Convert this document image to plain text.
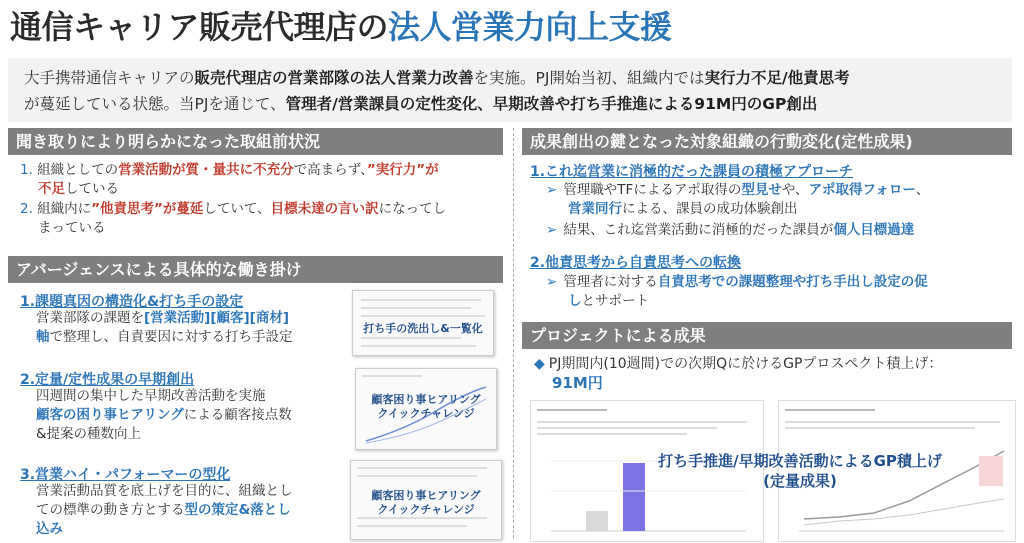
通信キャリア販売代理店の法人営業力向上支援
大手携帯通信キャリアの販売代理店の営業部隊の法人営業力改善を実施。PJ開始当初、組織内では実行力不足/他責思考
が蔓延している状態。当PJを通じて、管理者/営業課員の定性変化、早期改善や打ち手推進による91M円のGP創出
聞き取りにより明らかになった取組前状況
アバージェンスによる具体的な働き掛け
成果創出の鍵となった対象組織の行動変化(定性成果)
プロジェクトによる成果
1. 組織としての営業活動が質・量共に不充分で高まらず、”実行力”が
不足している
2. 組織内に”他責思考”が蔓延していて、目標未達の言い訳になってし
まっている
1.課題真因の構造化&打ち手の設定
営業部隊の課題を[営業活動][顧客][商材]
軸で整理し、自責要因に対する打ち手設定
2.定量/定性成果の早期創出
四週間の集中した早期改善活動を実施
顧客の困り事ヒアリングによる顧客接点数
&提案の種数向上
3.営業ハイ・パフォーマーの型化
営業活動品質を底上げを目的に、組織とし
ての標準の動き方とする型の策定&落とし
込み
打ち手の洗出し&一覧化
顧客困り事ヒアリング
クイックチャレンジ
顧客困り事ヒアリング
クイックチャレンジ
1.これ迄営業に消極的だった課員の積極アプローチ
➢ 管理職やTFによるアポ取得の型見せや、アポ取得フォロー、
営業同行による、課員の成功体験創出
➢ 結果、これ迄営業活動に消極的だった課員が個人目標過達
2.他責思考から自責思考への転換
➢ 管理者に対する自責思考での課題整理や打ち手出し設定の促
しとサポート
◆ PJ期間内(10週間)での次期Qに於けるGPプロスペクト積上げ：
91M円
打ち手推進/早期改善活動によるGP積上げ
(定量成果)
